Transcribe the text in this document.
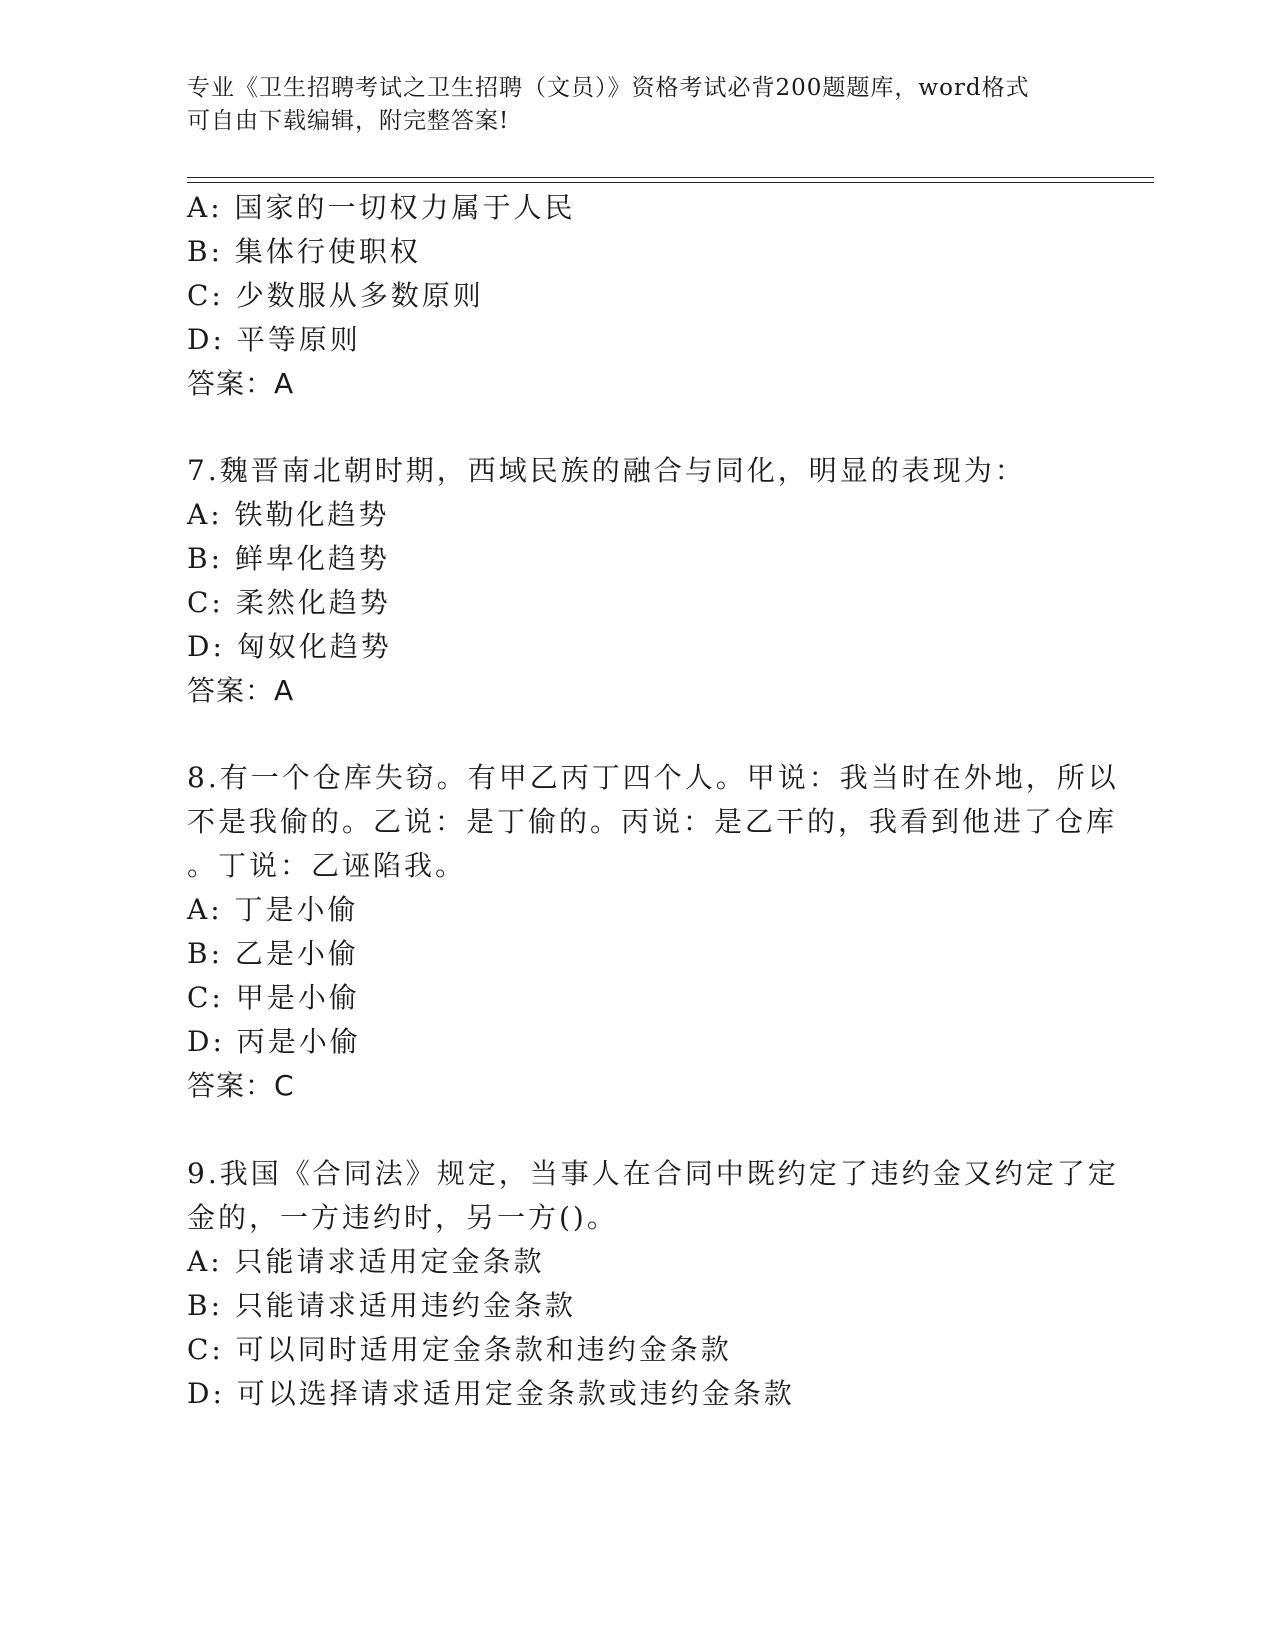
专业《卫生招聘考试之卫生招聘（文员）》资格考试必背200题题库，word格式
可自由下载编辑，附完整答案!
A: 国家的一切权力属于人民
B: 集体行使职权
C: 少数服从多数原则
D: 平等原则
答案：A
7.魏晋南北朝时期，西域民族的融合与同化，明显的表现为：
A: 铁勒化趋势
B: 鲜卑化趋势
C: 柔然化趋势
D: 匈奴化趋势
答案：A
8.有一个仓库失窃。有甲乙丙丁四个人。甲说：我当时在外地，所以
不是我偷的。乙说：是丁偷的。丙说：是乙干的，我看到他进了仓库
。丁说：乙诬陷我。
A: 丁是小偷
B: 乙是小偷
C: 甲是小偷
D: 丙是小偷
答案：C
9.我国《合同法》规定，当事人在合同中既约定了违约金又约定了定
金的，一方违约时，另一方()。
A: 只能请求适用定金条款
B: 只能请求适用违约金条款
C: 可以同时适用定金条款和违约金条款
D: 可以选择请求适用定金条款或违约金条款
